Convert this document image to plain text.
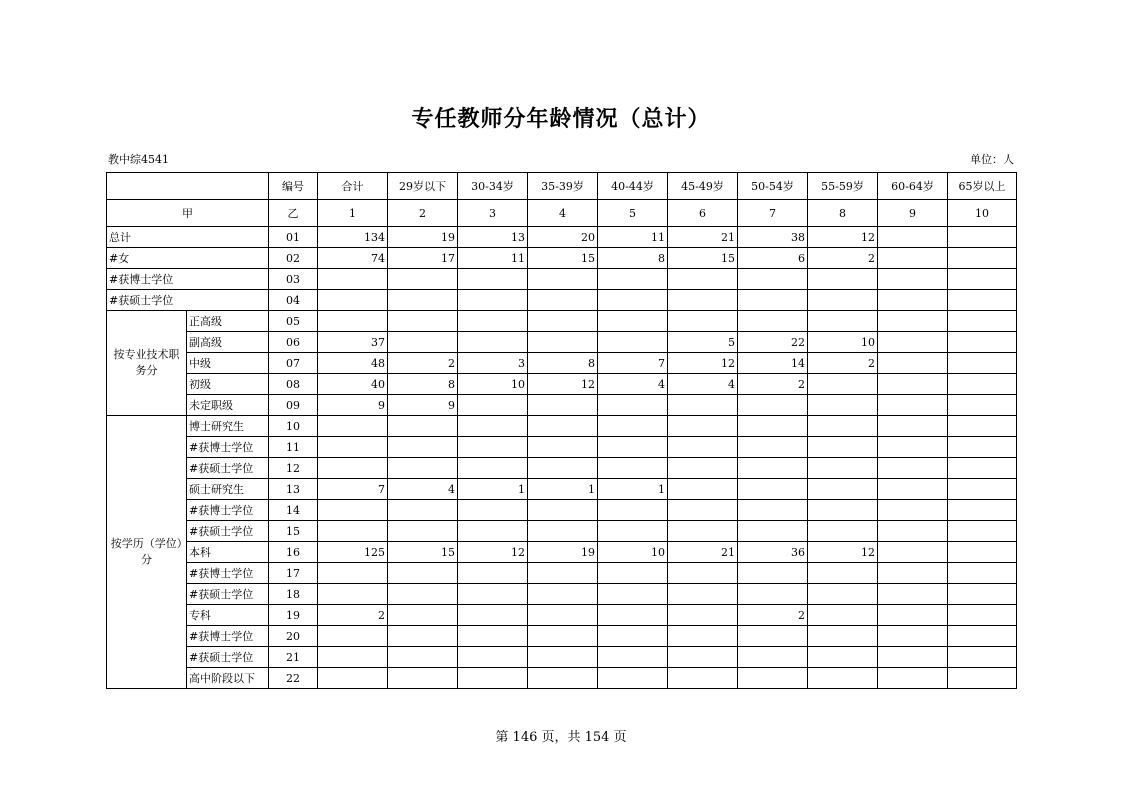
专任教师分年龄情况（总计）
教中综4541	单位：人
		编号	合计	29岁以下	30-34岁	35-39岁	40-44岁	45-49岁	50-54岁	55-59岁	60-64岁	65岁以上
甲		乙	1	2	3	4	5	6	7	8	9	10
总计		01	134	19	13	20	11	21	38	12		
#女		02	74	17	11	15	8	15	6	2		
#获博士学位		03										
#获硕士学位		04										
按专业技术职务分	正高级	05										
	副高级	06	37					5	22	10		
	中级	07	48	2	3	8	7	12	14	2		
	初级	08	40	8	10	12	4	4	2			
	未定职级	09	9	9								
按学历（学位）分	博士研究生	10										
	#获博士学位	11										
	#获硕士学位	12										
	硕士研究生	13	7	4	1	1	1					
	#获博士学位	14										
	#获硕士学位	15										
	本科	16	125	15	12	19	10	21	36	12		
	#获博士学位	17										
	#获硕士学位	18										
	专科	19	2						2			
	#获博士学位	20										
	#获硕士学位	21										
	高中阶段以下	22										
第 146 页，共 154 页
